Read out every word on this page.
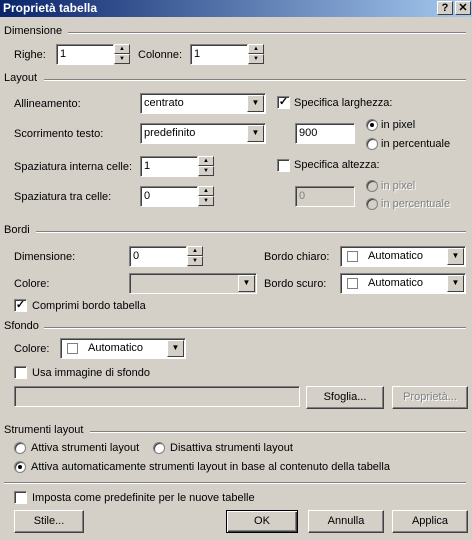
Proprietà tabella	? ✕
Dimensione
Righe:	1	▲
▼	Colonne:	1	▲
▼
Layout
Allineamento:	centrato	▼
Scorrimento testo:	predefinito	▼
Spaziatura interna celle:	1	▲
▼
Spaziatura tra celle:	0	▲
▼
✓ Specifica larghezza:
900
in pixel
in percentuale
Specifica altezza:
0
in pixel
in percentuale
Bordi
Dimensione:	0	▲
▼
Colore:	▼
Bordo chiaro:	Automatico	▼
Bordo scuro:	Automatico	▼
✓ Comprimi bordo tabella
Sfondo
Colore:	Automatico	▼
Usa immagine di sfondo
Sfoglia...	Proprietà...
Strumenti layout
Attiva strumenti layout	Disattiva strumenti layout
Attiva automaticamente strumenti layout in base al contenuto della tabella
Imposta come predefinite per le nuove tabelle
Stile...	OK	Annulla	Applica
